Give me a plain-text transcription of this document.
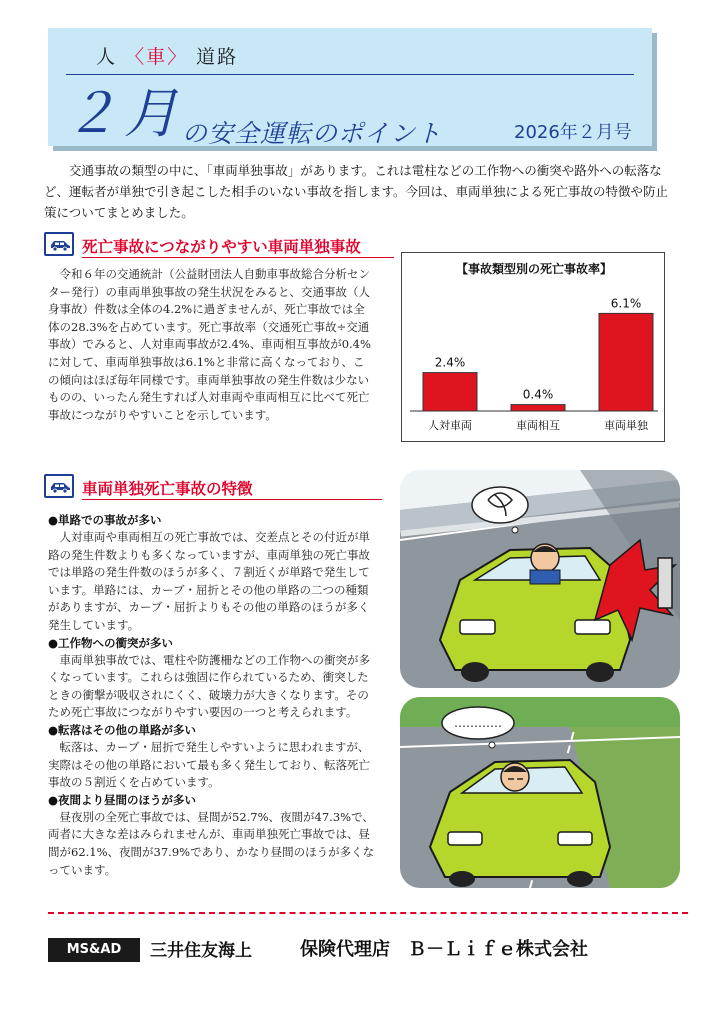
人 〈車〉 道路
２月
の安全運転のポイント	2026年２月号

交通事故の類型の中に、「車両単独事故」があります。これは電柱などの工作物への衝突や路外への転落など、運転者が単独で引き起こした相手のいない事故を指します。今回は、車両単独による死亡事故の特徴や防止策についてまとめました。

死亡事故につながりやすい車両単独事故

令和６年の交通統計（公益財団法人自動車事故総合分析センター発行）の車両単独事故の発生状況をみると、交通事故（人身事故）件数は全体の4.2%に過ぎませんが、死亡事故では全体の28.3%を占めています。死亡事故率（交通死亡事故÷交通事故）でみると、人対車両事故が2.4%、車両相互事故が0.4%に対して、車両単独事故は6.1%と非常に高くなっており、この傾向はほぼ毎年同様です。車両単独事故の発生件数は少ないものの、いったん発生すれば人対車両や車両相互に比べて死亡事故につながりやすいことを示しています。

【事故類型別の死亡事故率】
2.4%
人対車両
0.4%
車両相互
6.1%
車両単独
車両単独死亡事故の特徴
●単路での事故が多い

人対車両や車両相互の死亡事故では、交差点とその付近が単路の発生件数よりも多くなっていますが、車両単独の死亡事故では単路の発生件数のほうが多く、７割近くが単路で発生しています。単路には、カーブ・屈折とその他の単路の二つの種類がありますが、カーブ・屈折よりもその他の単路のほうが多く発生しています。

●工作物への衝突が多い

車両単独事故では、電柱や防護柵などの工作物への衝突が多くなっています。これらは強固に作られているため、衝突したときの衝撃が吸収されにくく、破壊力が大きくなります。そのため死亡事故につながりやすい要因の一つと考えられます。

●転落はその他の単路が多い

転落は、カーブ・屈折で発生しやすいように思われますが、実際はその他の単路において最も多く発生しており、転落死亡事故の５割近くを占めています。

●夜間より昼間のほうが多い

昼夜別の全死亡事故では、昼間が52.7%、夜間が47.3%で、両者に大きな差はみられませんが、車両単独死亡事故では、昼間が62.1%、夜間が37.9%であり、かなり昼間のほうが多くなっています。

…………
MS&AD	三井住友海上	保険代理店　Ｂ－Ｌｉｆｅ株式会社
